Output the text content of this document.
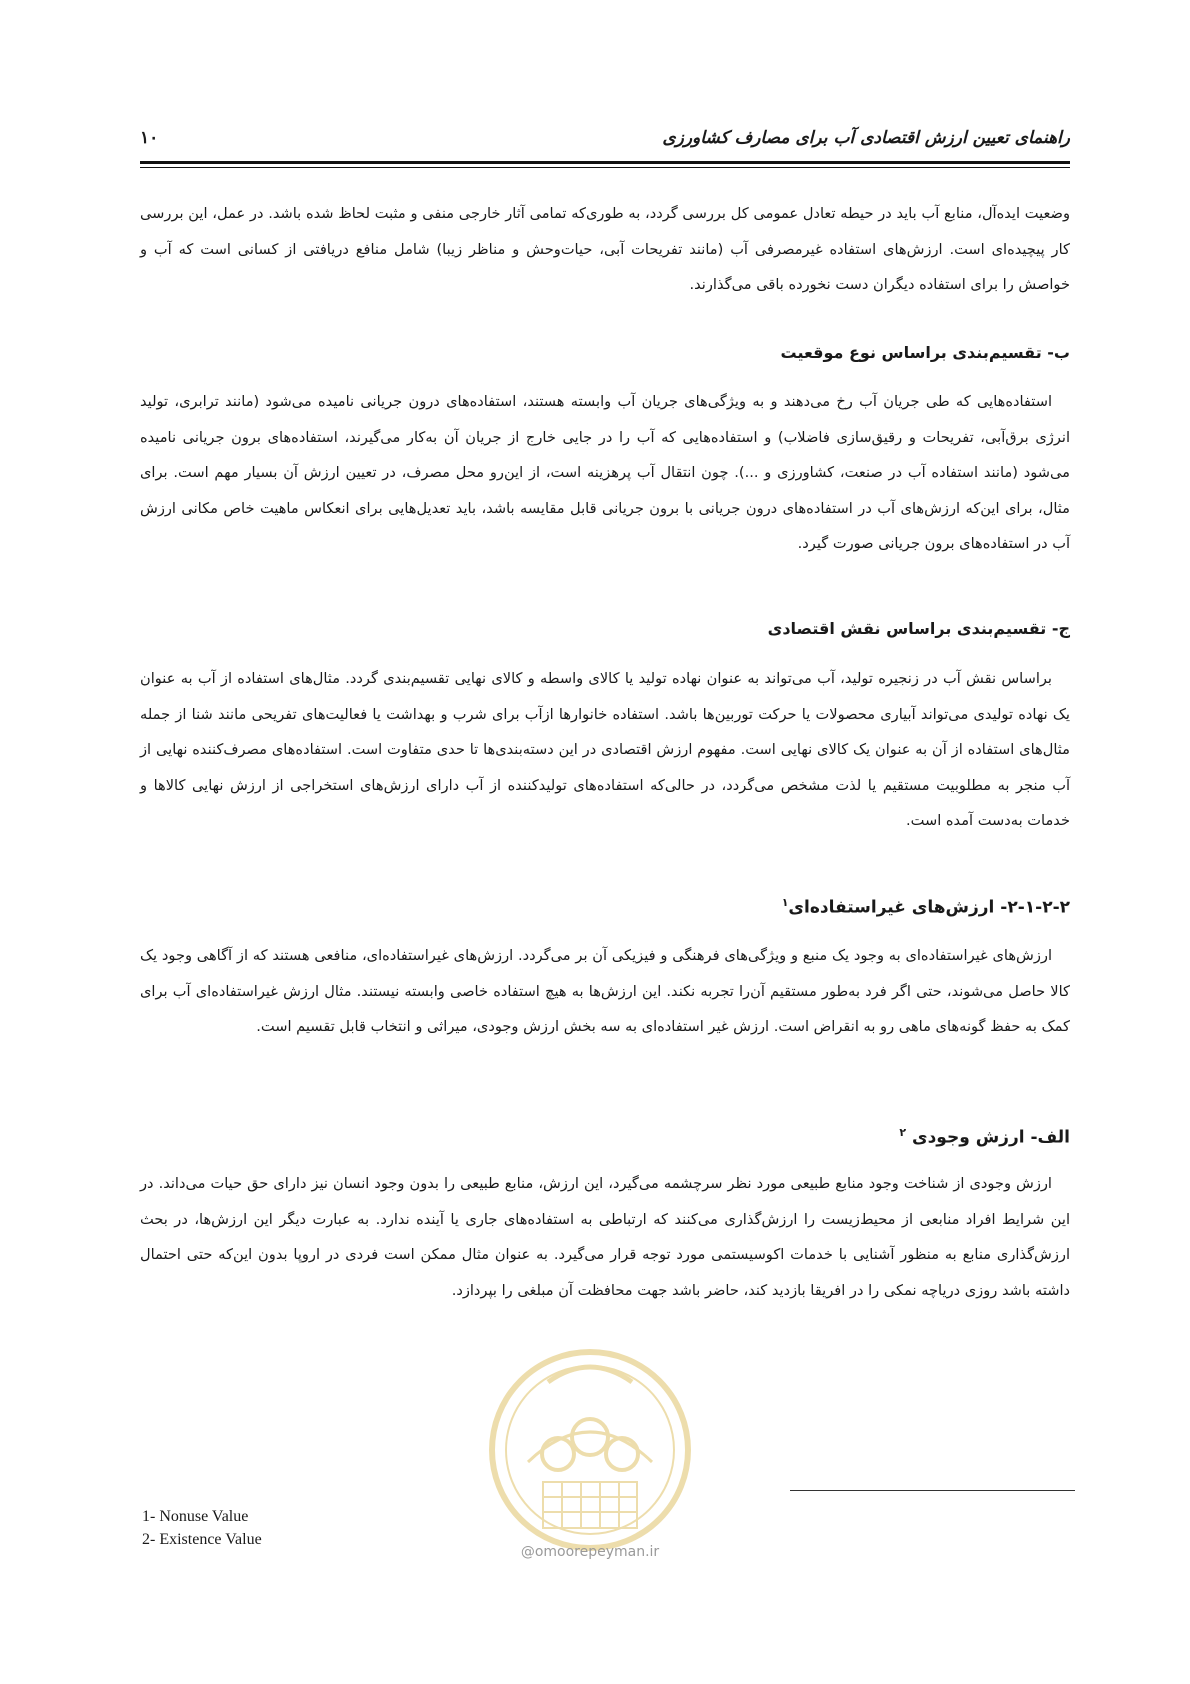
راهنمای تعیین ارزش اقتصادی آب برای مصارف کشاورزی
۱۰

وضعیت ایده‌آل، منابع آب باید در حیطه تعادل عمومی کل بررسی گردد، به طوری‌که تمامی آثار خارجی منفی و مثبت لحاظ شده باشد. در عمل، این بررسی کار پیچیده‌ای است. ارزش‌های استفاده غیرمصرفی آب (مانند تفریحات آبی، حیات‌وحش و مناظر زیبا) شامل منافع دریافتی از کسانی است که آب و خواصش را برای استفاده دیگران دست نخورده باقی می‌گذارند.

ب- تقسیم‌بندی براساس نوع موقعیت

استفاده‌هایی که طی جریان آب رخ می‌دهند و به ویژگی‌های جریان آب وابسته هستند، استفاده‌های درون جریانی نامیده می‌شود (مانند ترابری، تولید انرژی برق‌آبی، تفریحات و رقیق‌سازی فاضلاب) و استفاده‌هایی که آب را در جایی خارج از جریان آن به‌کار می‌گیرند، استفاده‌های برون جریانی نامیده می‌شود (مانند استفاده آب در صنعت، کشاورزی و ...). چون انتقال آب پرهزینه است، از این‌رو محل مصرف، در تعیین ارزش آن بسیار مهم است. برای مثال، برای این‌که ارزش‌های آب در استفاده‌های درون جریانی با برون جریانی قابل مقایسه باشد، باید تعدیل‌هایی برای انعکاس ماهیت خاص مکانی ارزش آب در استفاده‌های برون جریانی صورت گیرد.

ج- تقسیم‌بندی براساس نقش اقتصادی

براساس نقش آب در زنجیره تولید، آب می‌تواند به عنوان نهاده تولید یا کالای واسطه و کالای نهایی تقسیم‌بندی گردد. مثال‌های استفاده از آب به عنوان یک نهاده تولیدی می‌تواند آبیاری محصولات یا حرکت توربین‌ها باشد. استفاده خانوارها ازآب برای شرب و بهداشت یا فعالیت‌های تفریحی مانند شنا از جمله مثال‌های استفاده از آن به عنوان یک کالای نهایی است. مفهوم ارزش اقتصادی در این دسته‌بندی‌ها تا حدی متفاوت است. استفاده‌های مصرف‌کننده نهایی از آب منجر به مطلوبیت مستقیم یا لذت مشخص می‌گردد، در حالی‌که استفاده‌های تولیدکننده از آب دارای ارزش‌های استخراجی از ارزش نهایی کالاها و خدمات به‌دست آمده است.

۲-۱-۲-۲- ارزش‌های غیراستفاده‌ای$^۱$

ارزش‌های غیراستفاده‌ای به وجود یک منبع و ویژگی‌های فرهنگی و فیزیکی آن بر می‌گردد. ارزش‌های غیراستفاده‌ای، منافعی هستند که از آگاهی وجود یک کالا حاصل می‌شوند، حتی اگر فرد به‌طور مستقیم آن‌را تجربه نکند. این ارزش‌ها به هیچ استفاده خاصی وابسته نیستند. مثال ارزش غیراستفاده‌ای آب برای کمک به حفظ گونه‌های ماهی رو به انقراض است. ارزش غیر استفاده‌ای به سه بخش ارزش وجودی، میراثی و انتخاب قابل تقسیم است.

الف- ارزش وجودی $^۲$

ارزش وجودی از شناخت وجود منابع طبیعی مورد نظر سرچشمه می‌گیرد، این ارزش، منابع طبیعی را بدون وجود انسان نیز دارای حق حیات می‌داند. در این شرایط افراد منابعی از محیط‌زیست را ارزش‌گذاری می‌کنند که ارتباطی به استفاده‌های جاری یا آینده ندارد. به عبارت دیگر این ارزش‌ها، در بحث ارزش‌گذاری منابع به منظور آشنایی با خدمات اکوسیستمی مورد توجه قرار می‌گیرد. به عنوان مثال ممکن است فردی در اروپا بدون این‌که حتی احتمال داشته باشد روزی دریاچه نمکی را در افریقا بازدید کند، حاضر باشد جهت محافظت آن مبلغی را بپردازد.

@omoorepeyman.ir
1- Nonuse Value
2- Existence Value
